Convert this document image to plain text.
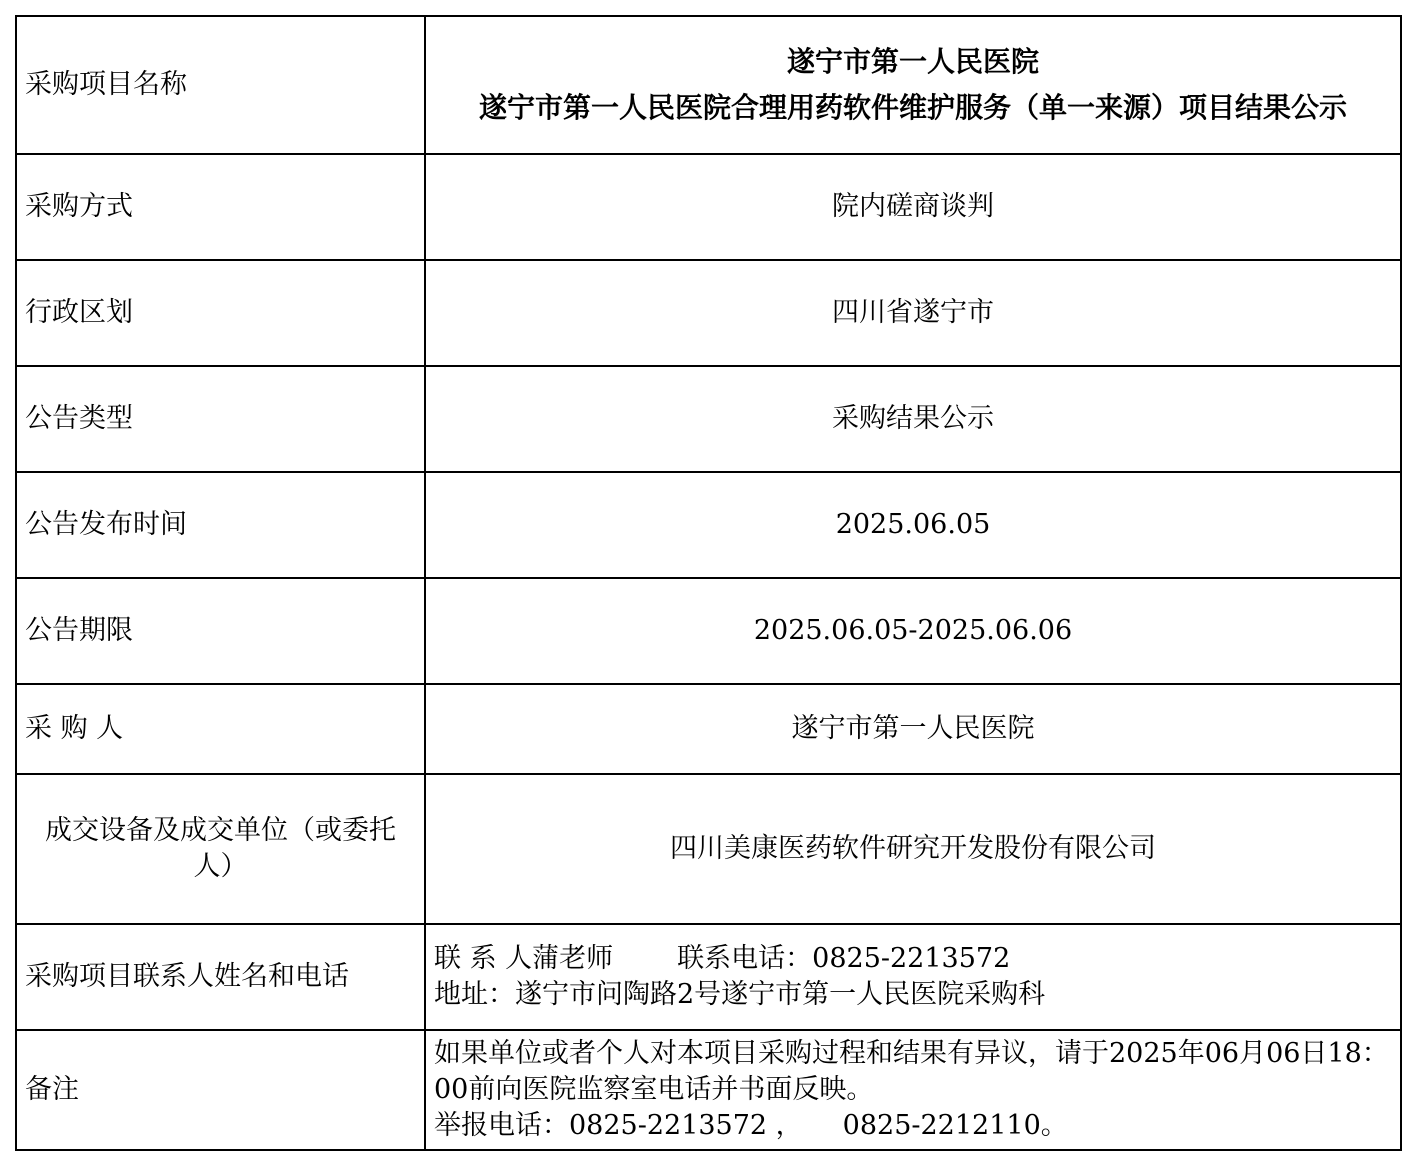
采购项目名称	遂宁市第一人民医院
遂宁市第一人民医院合理用药软件维护服务（单一来源）项目结果公示

采购方式	院内磋商谈判
行政区划	四川省遂宁市
公告类型	采购结果公示
公告发布时间	2025.06.05
公告期限	2025.06.05-2025.06.06
采 购 人	遂宁市第一人民医院
成交设备及成交单位（或委托人）	四川美康医药软件研究开发股份有限公司
采购项目联系人姓名和电话	联 系 人蒲老师 联系电话：0825-2213572
地址：遂宁市问陶路2号遂宁市第一人民医院采购科

备注	如果单位或者个人对本项目采购过程和结果有异议，请于2025年06月06日18：00前向医院监察室电话并书面反映。
举报电话：0825-2213572 ， 0825-2212110。
